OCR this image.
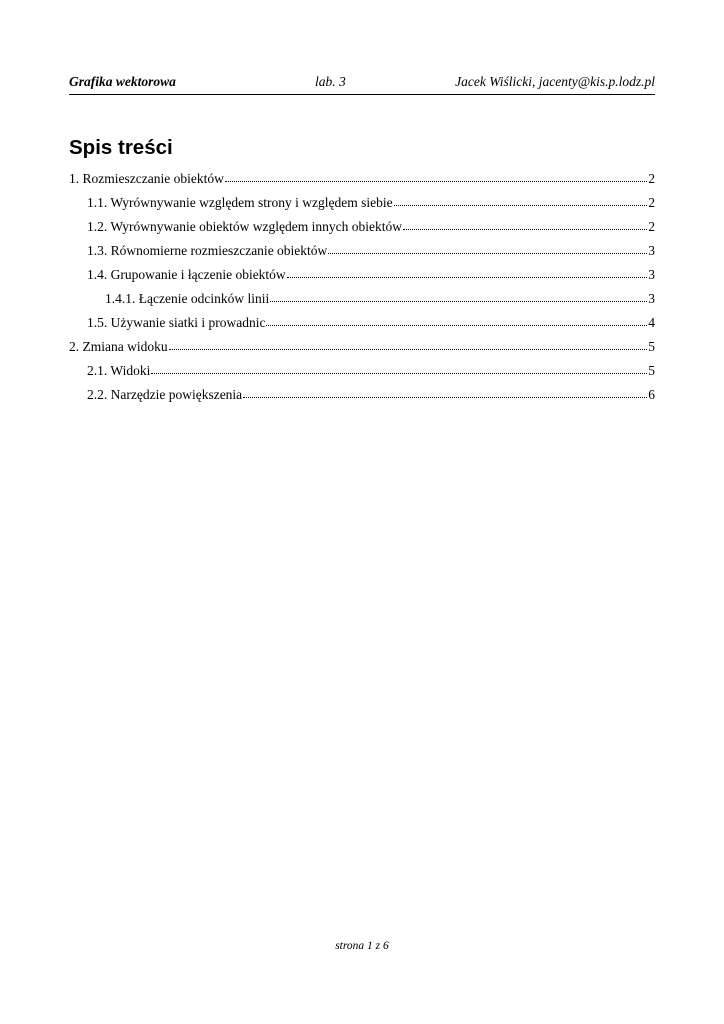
Grafika wektorowa	lab. 3	Jacek Wiślicki, jacenty@kis.p.lodz.pl
Spis treści
1. Rozmieszczanie obiektów	2
1.1. Wyrównywanie względem strony i względem siebie	2
1.2. Wyrównywanie obiektów względem innych obiektów	2
1.3. Równomierne rozmieszczanie obiektów	3
1.4. Grupowanie i łączenie obiektów	3
1.4.1. Łączenie odcinków linii	3
1.5. Używanie siatki i prowadnic	4
2. Zmiana widoku	5
2.1. Widoki	5
2.2. Narzędzie powiększenia	6
strona 1 z 6
